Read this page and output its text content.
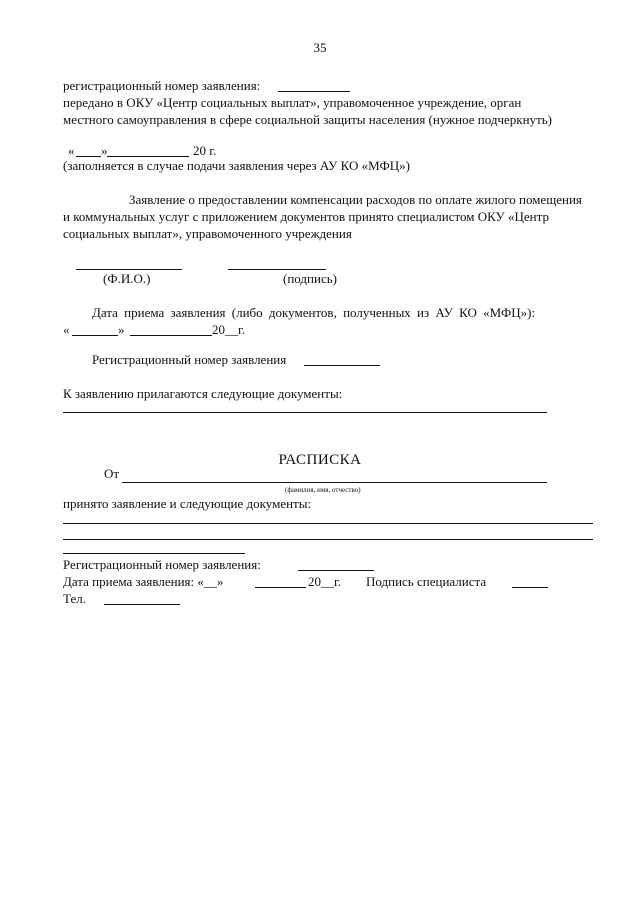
35
регистрационный номер заявления:
передано в ОКУ «Центр социальных выплат», управомоченное учреждение, орган
местного самоуправления в сфере социальной защиты населения (нужное подчеркнуть)
« »	20 г.
(заполняется в случае подачи заявления через АУ КО «МФЦ»)
Заявление о предоставлении компенсации расходов по оплате жилого помещения
и коммунальных услуг с приложением документов принято специалистом ОКУ «Центр
социальных выплат», управомоченного учреждения
(Ф.И.О.)	(подпись)
Дата приема заявления (либо документов, полученных из АУ КО «МФЦ»):
«	»	20__г.
Регистрационный номер заявления
К заявлению прилагаются следующие документы:
РАСПИСКА
От
(фамилия, имя, отчество)
принято заявление и следующие документы:
Регистрационный номер заявления:
Дата приема заявления: «__»	20__г. Подпись специалиста
Тел.
